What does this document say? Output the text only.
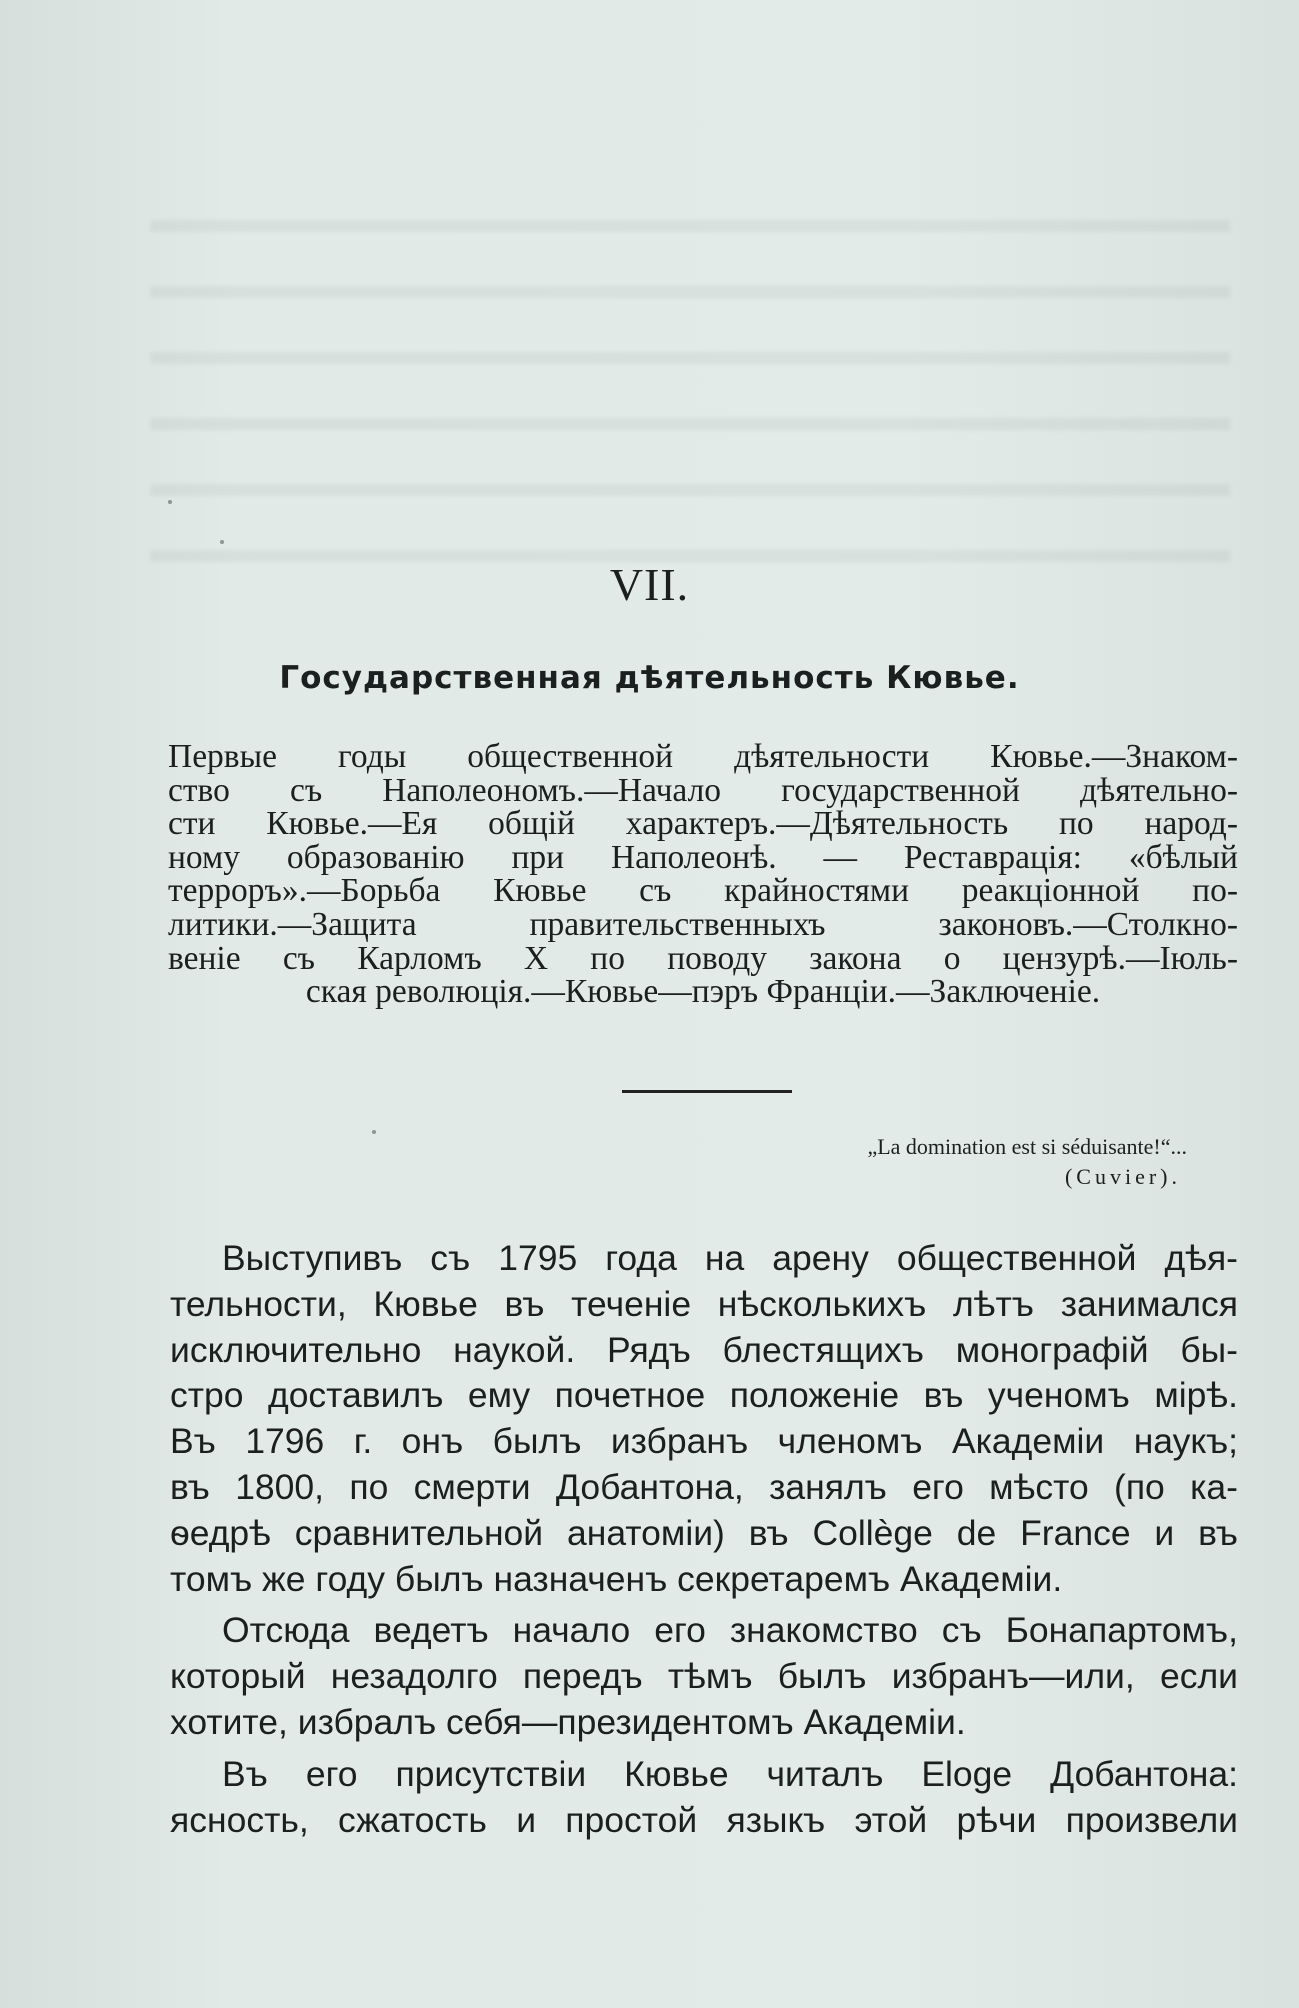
VII.
Государственная дѣятельность Кювье.
Первые годы общественной дѣятельности Кювье.—Знаком-
ство съ Наполеономъ.—Начало государственной дѣятельно-
сти Кювье.—Ея общій характеръ.—Дѣятельность по народ-
ному образованію при Наполеонѣ. — Реставрація: «бѣлый
терроръ».—Борьба Кювье съ крайностями реакціонной по-
литики.—Защита правительственныхъ законовъ.—Столкно-
веніе съ Карломъ X по поводу закона о цензурѣ.—Іюль-
ская революція.—Кювье—пэръ Франціи.—Заключеніе.
„La domination est si séduisante!“...
(Cuvier).
Выступивъ съ 1795 года на арену общественной дѣя-
тельности, Кювье въ теченіе нѣсколькихъ лѣтъ занимался
исключительно наукой. Рядъ блестящихъ монографій бы-
стро доставилъ ему почетное положеніе въ ученомъ мірѣ.
Въ 1796 г. онъ былъ избранъ членомъ Академіи наукъ;
въ 1800, по смерти Добантона, занялъ его мѣсто (по ка-
ѳедрѣ сравнительной анатоміи) въ Collège de France и въ
томъ же году былъ назначенъ секретаремъ Академіи.
Отсюда ведетъ начало его знакомство съ Бонапартомъ,
который незадолго передъ тѣмъ былъ избранъ—или, если
хотите, избралъ себя—президентомъ Академіи.
Въ его присутствіи Кювье читалъ Eloge Добантона:
ясность, сжатость и простой языкъ этой рѣчи произвели
